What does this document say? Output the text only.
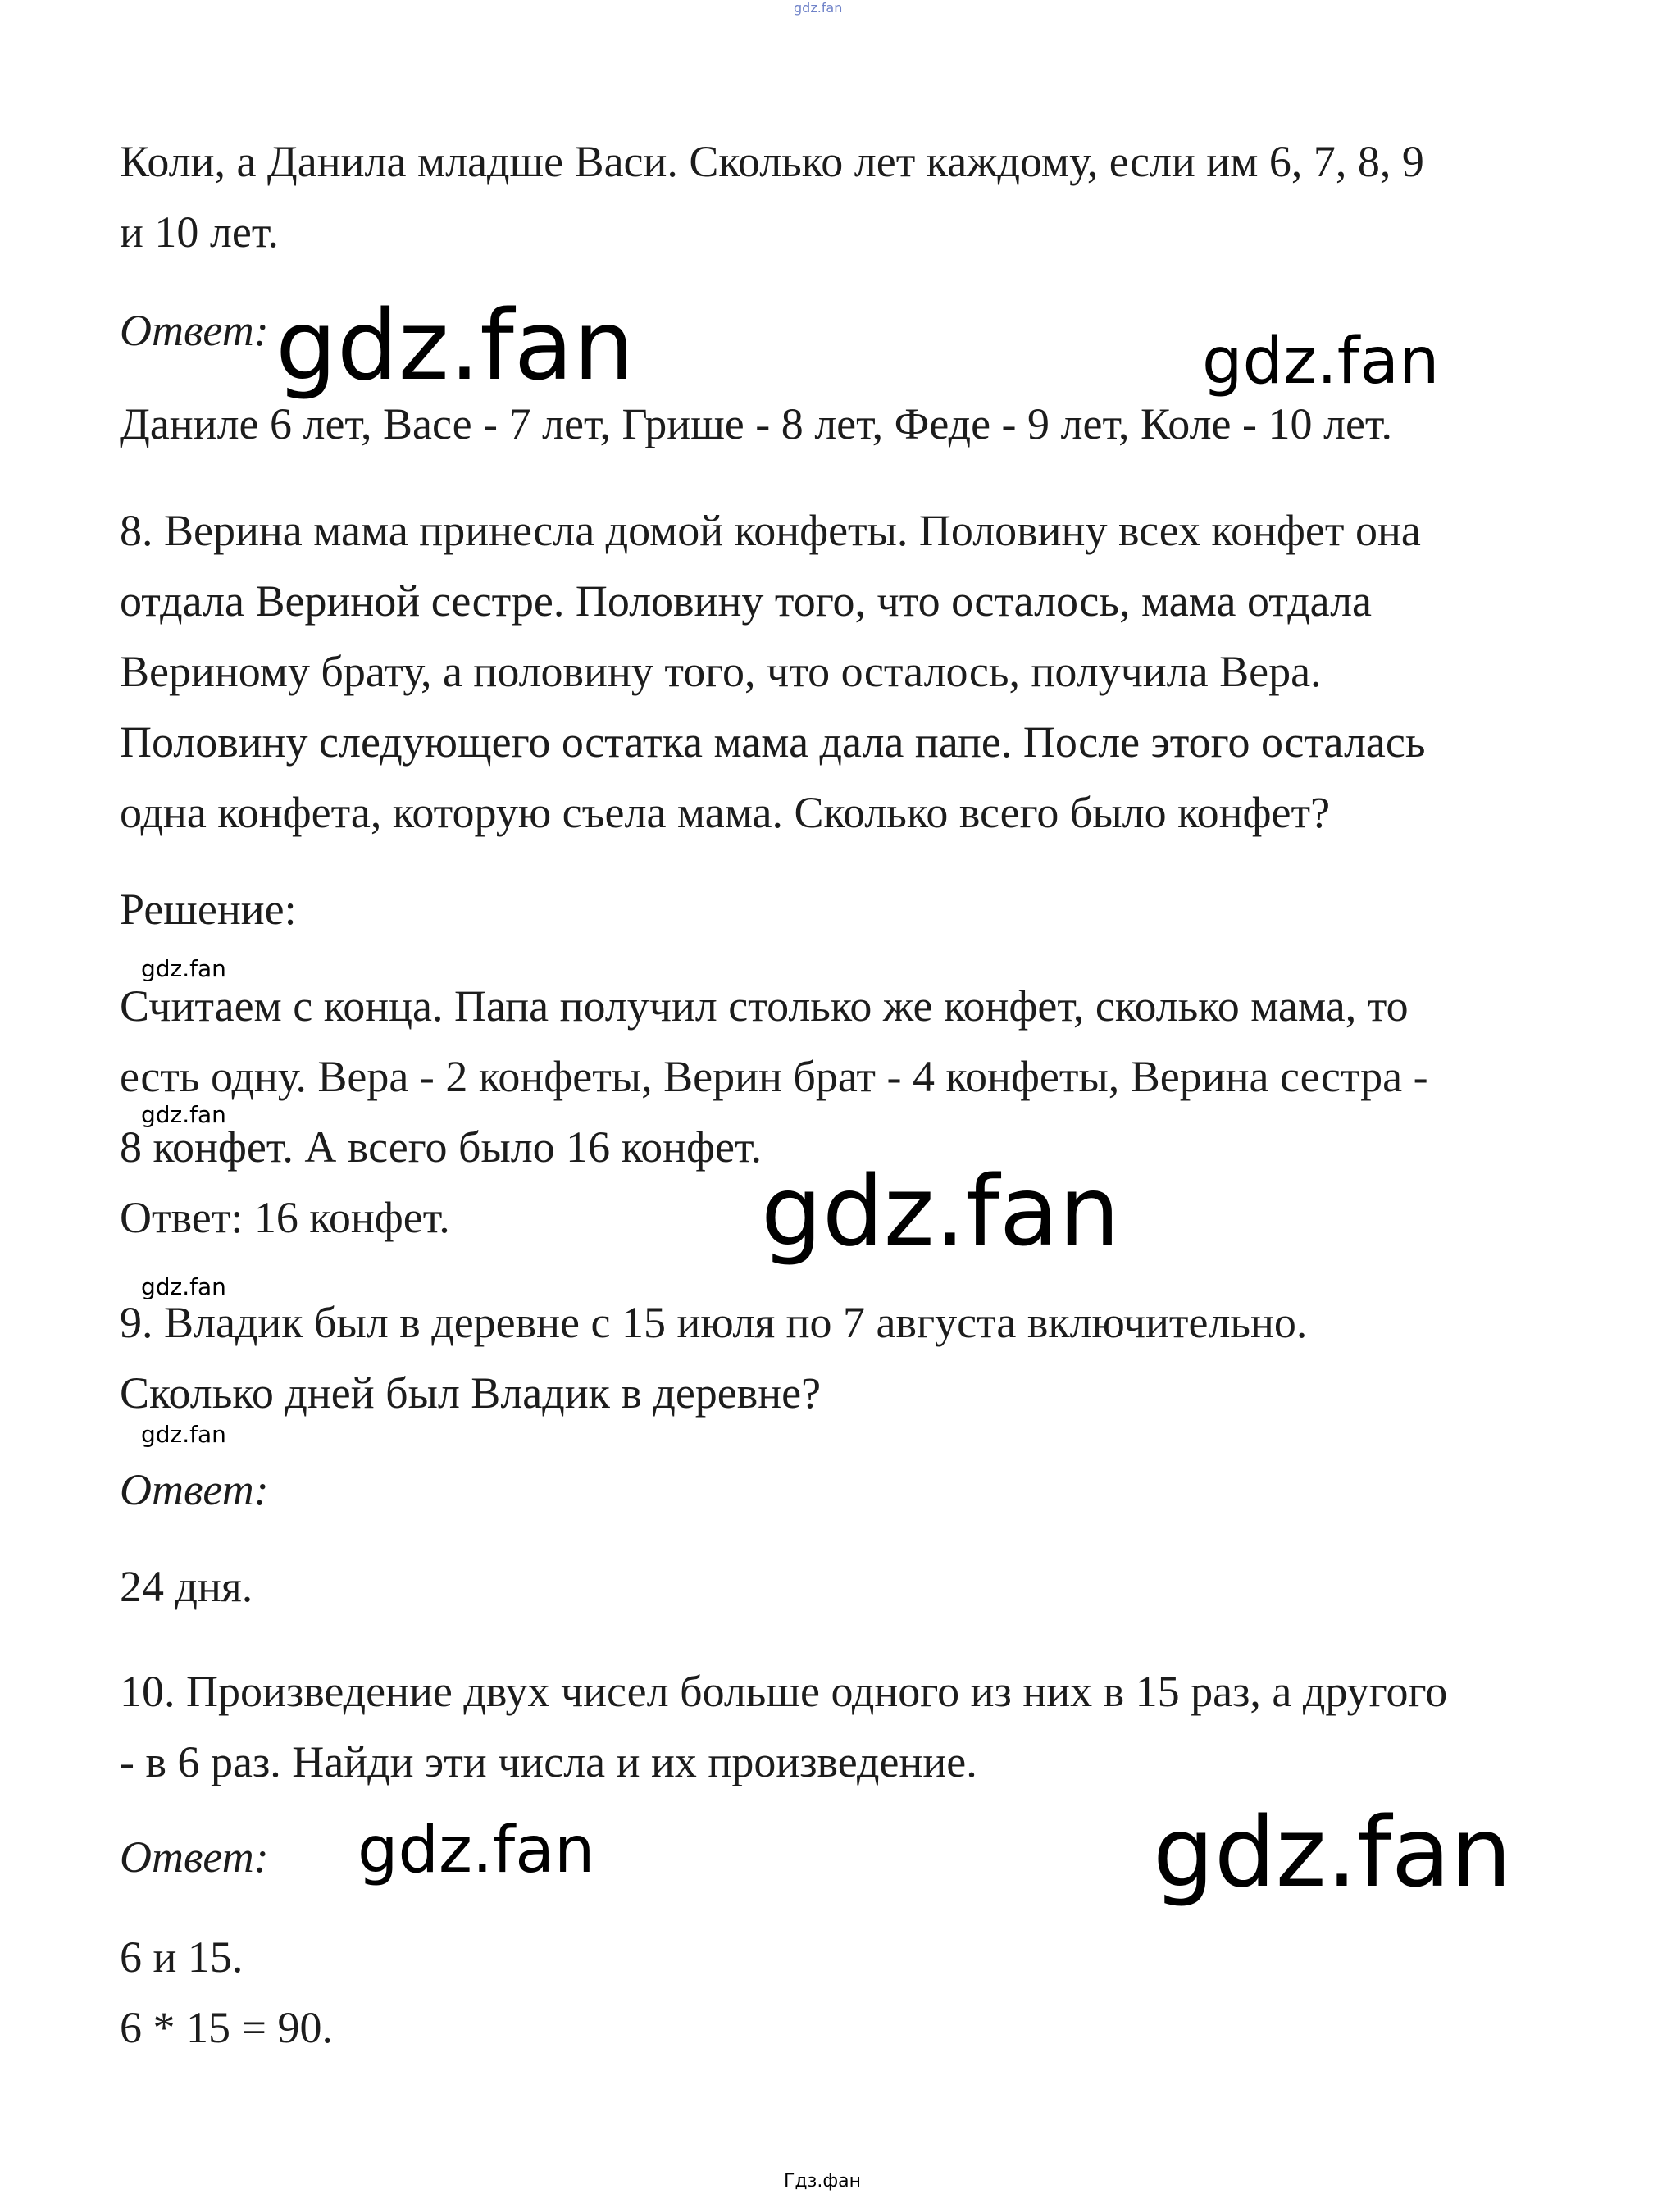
gdz.fan
Коли, а Данила младше Васи. Сколько лет каждому, если им 6, 7, 8, 9
и 10 лет.
Ответ: gdz.fan	gdz.fan
Даниле 6 лет, Васе - 7 лет, Грише - 8 лет, Феде - 9 лет, Коле - 10 лет.
8. Верина мама принесла домой конфеты. Половину всех конфет она
отдала Вериной сестре. Половину того, что осталось, мама отдала
Вериному брату, а половину того, что осталось, получила Вера.
Половину следующего остатка мама дала папе. После этого осталась
одна конфета, которую съела мама. Сколько всего было конфет?
Решение:
gdz.fan
Считаем с конца. Папа получил столько же конфет, сколько мама, то
есть одну. Вера - 2 конфеты, Верин брат - 4 конфеты, Верина сестра -
gdz.fan
8 конфет. А всего было 16 конфет.
Ответ: 16 конфет.	gdz.fan
gdz.fan
9. Владик был в деревне с 15 июля по 7 августа включительно.
Сколько дней был Владик в деревне?
gdz.fan
Ответ:
24 дня.
10. Произведение двух чисел больше одного из них в 15 раз, а другого
- в 6 раз. Найди эти числа и их произведение.
Ответ: gdz.fan	gdz.fan
6 и 15.
6 * 15 = 90.
Гдз.фан
